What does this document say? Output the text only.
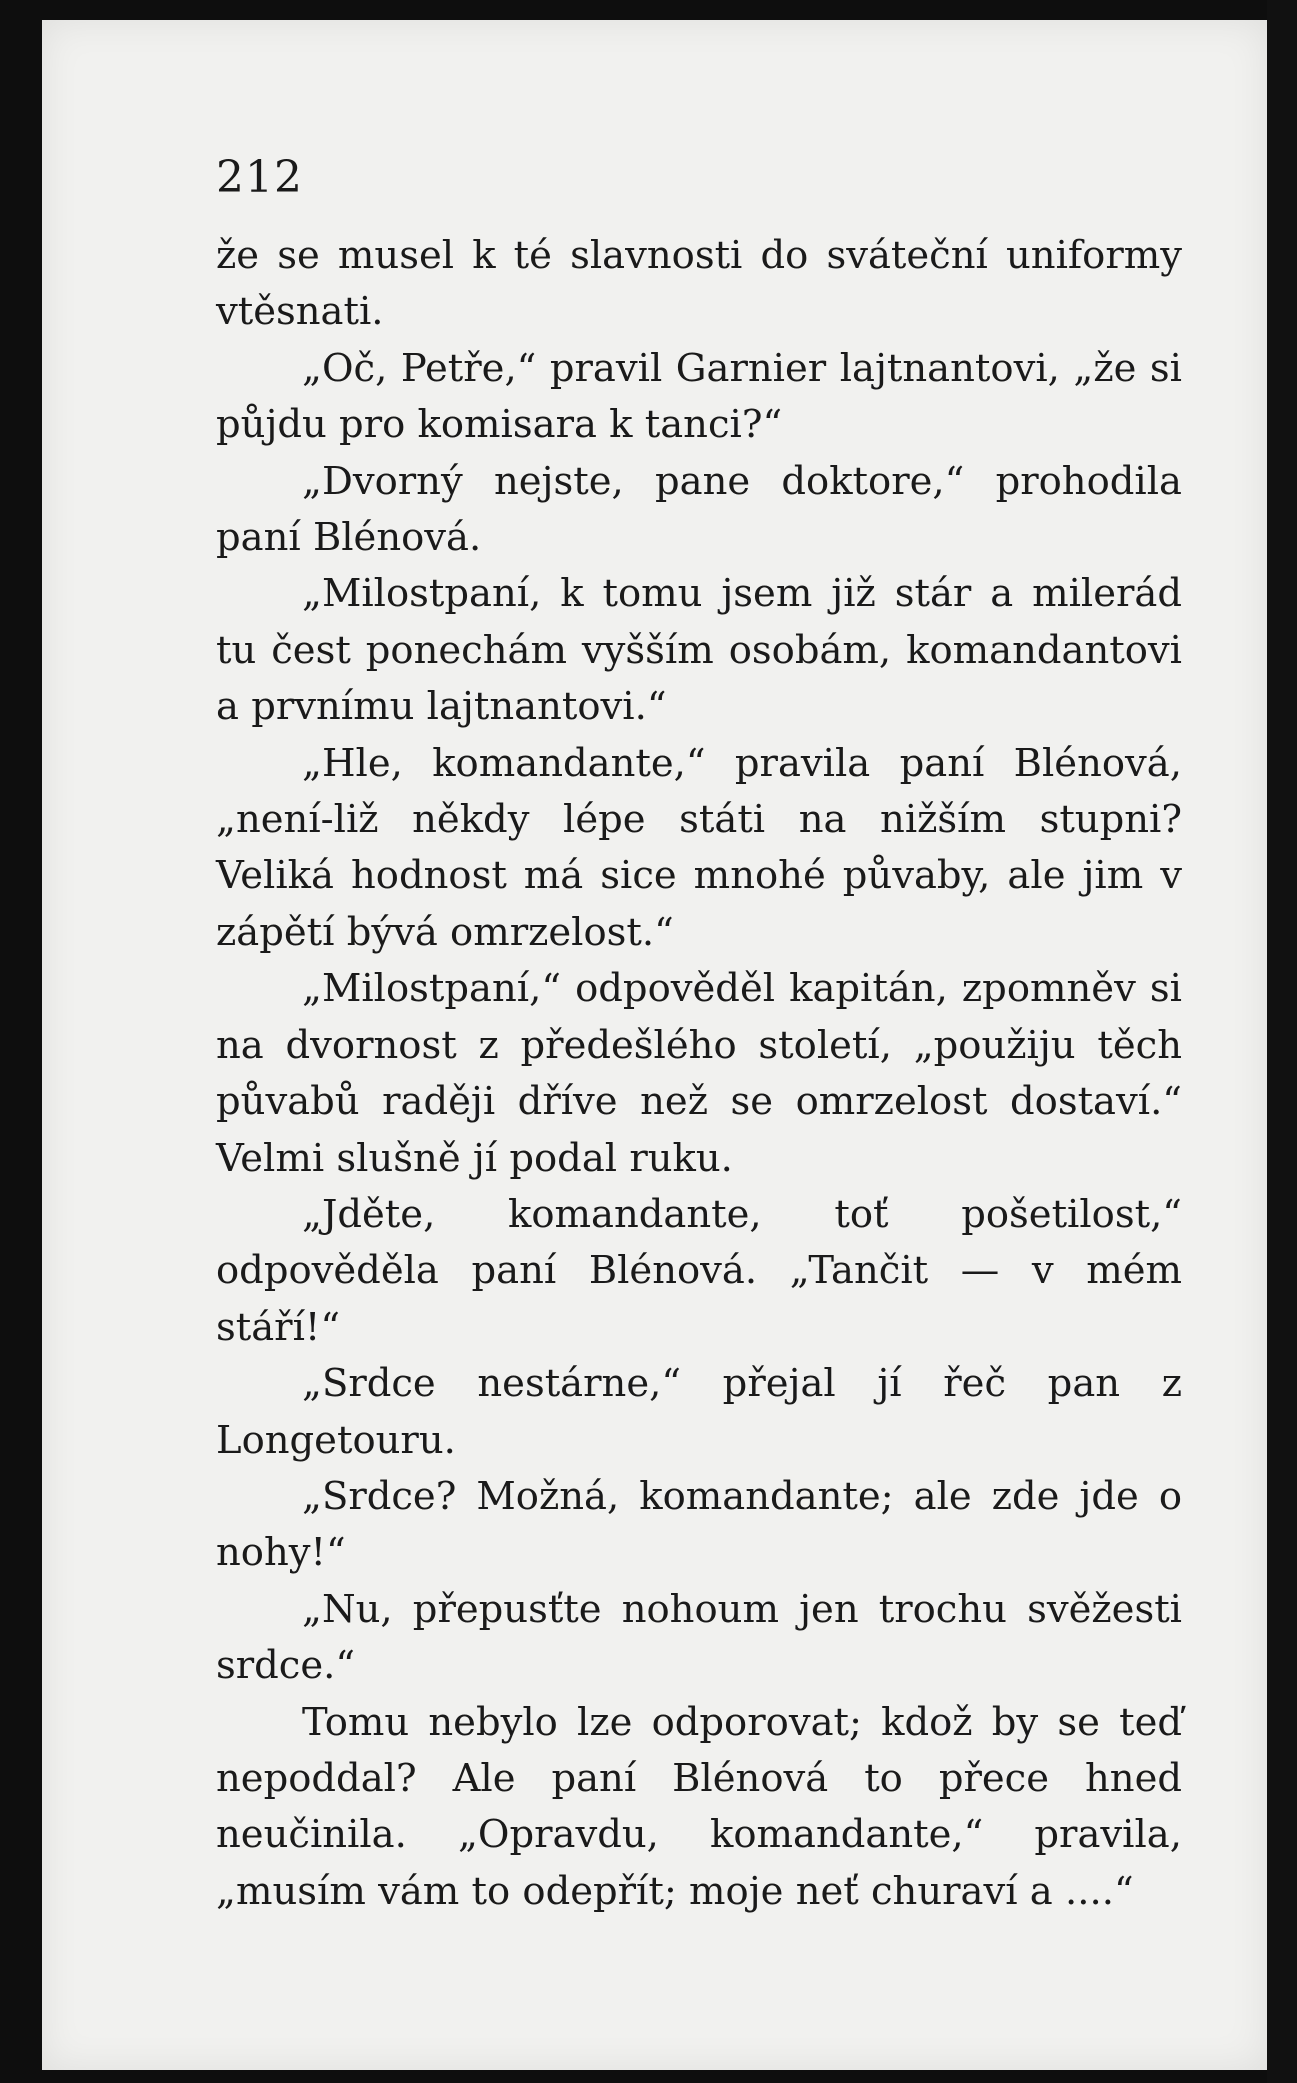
212

že se musel k té slavnosti do sváteční uniformy vtěsnati.

„Oč, Petře,“ pravil Garnier lajtnantovi, „že si půjdu pro komisara k tanci?“

„Dvorný nejste, pane doktore,“ prohodila paní Blénová.

„Milostpaní, k tomu jsem již stár a milerád tu čest ponechám vyšším osobám, komandantovi a prvnímu lajtnantovi.“

„Hle, komandante,“ pravila paní Blénová, „není-liž někdy lépe státi na nižším stupni? Veliká hodnost má sice mnohé půvaby, ale jim v zápětí bývá omrzelost.“

„Milostpaní,“ odpověděl kapitán, zpomněv si na dvornost z předešlého století, „použiju těch půvabů raději dříve než se omrzelost dostaví.“ Velmi slušně jí podal ruku.

„Jděte, komandante, toť pošetilost,“ odpověděla paní Blénová. „Tančit — v mém stáří!“

„Srdce nestárne,“ přejal jí řeč pan z Longetouru.

„Srdce? Možná, komandante; ale zde jde o nohy!“

„Nu, přepusťte nohoum jen trochu svěžesti srdce.“

Tomu nebylo lze odporovat; kdož by se teď nepoddal? Ale paní Blénová to přece hned neučinila. „Opravdu, komandante,“ pravila, „musím vám to odepřít; moje neť churaví a ....“
